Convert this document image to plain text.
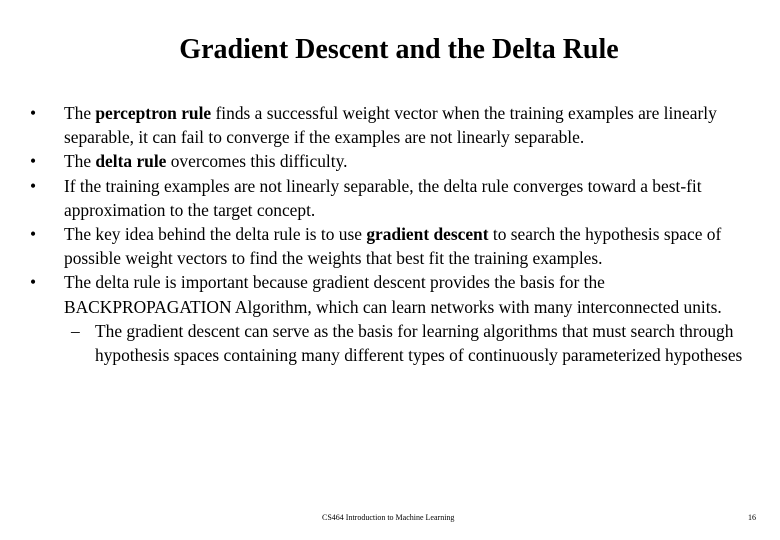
Gradient Descent and the Delta Rule

•	The perceptron rule finds a successful weight vector when the training examples are linearly separable, it can fail to converge if the examples are not linearly separable.

•	The delta rule overcomes this difficulty.

•	If the training examples are not linearly separable, the delta rule converges toward a best-fit approximation to the target concept.

•	The key idea behind the delta rule is to use gradient descent to search the hypothesis space of possible weight vectors to find the weights that best fit the training examples.

•	The delta rule is important because gradient descent provides the basis for the BACKPROPAGATION Algorithm, which can learn networks with many interconnected units.

– The gradient descent can serve as the basis for learning algorithms that must search through hypothesis spaces containing many different types of continuously parameterized hypotheses

CS464 Introduction to Machine Learning	16
